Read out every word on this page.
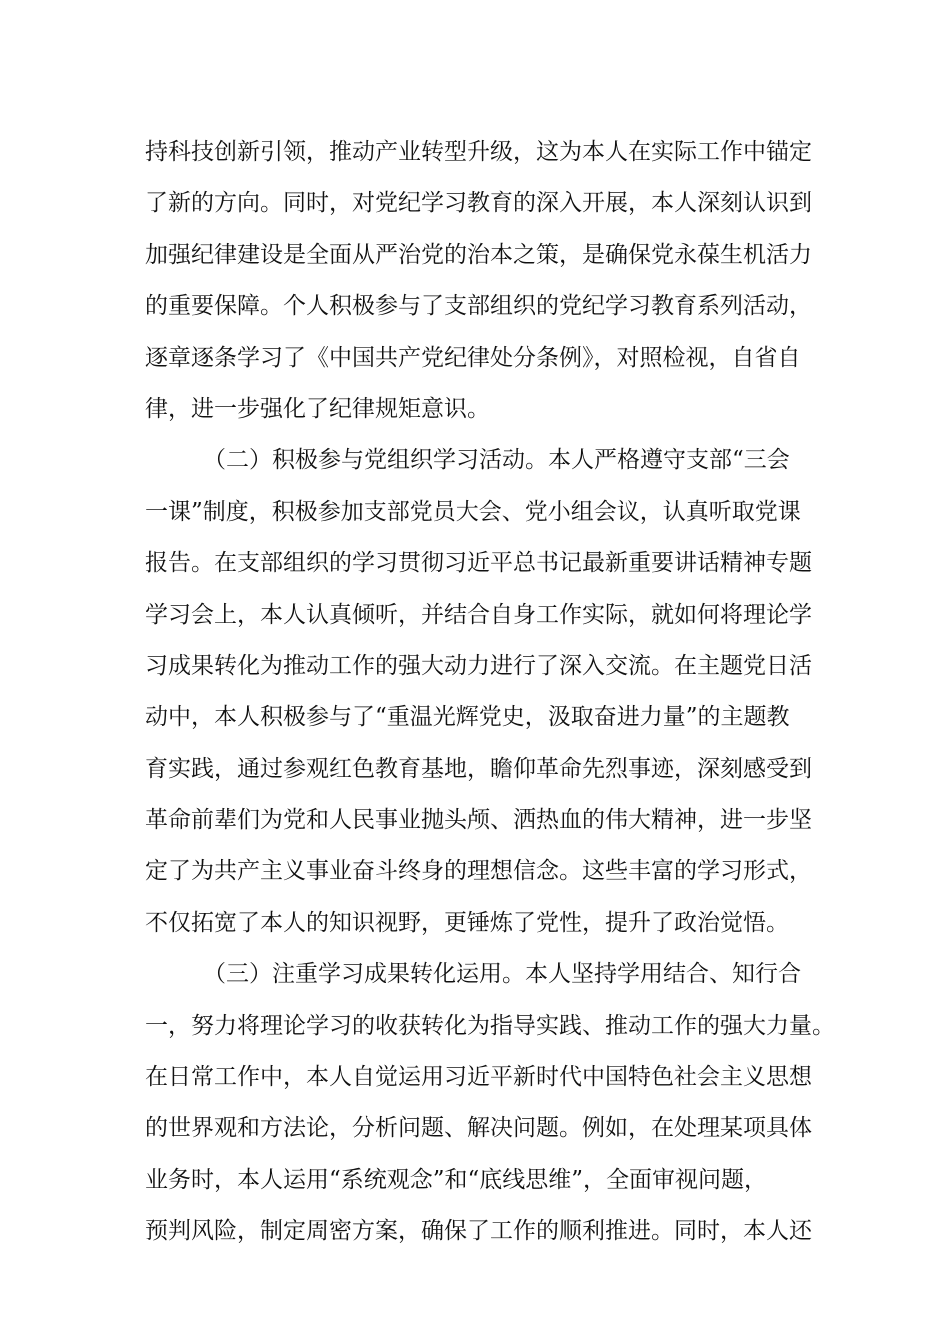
持科技创新引领，推动产业转型升级，这为本人在实际工作中锚定
了新的方向。同时，对党纪学习教育的深入开展，本人深刻认识到
加强纪律建设是全面从严治党的治本之策，是确保党永葆生机活力
的重要保障。个人积极参与了支部组织的党纪学习教育系列活动，
逐章逐条学习了《中国共产党纪律处分条例》，对照检视，自省自
律，进一步强化了纪律规矩意识。
（二）积极参与党组织学习活动。本人严格遵守支部“三会
一课”制度，积极参加支部党员大会、党小组会议，认真听取党课
报告。在支部组织的学习贯彻习近平总书记最新重要讲话精神专题
学习会上，本人认真倾听，并结合自身工作实际，就如何将理论学
习成果转化为推动工作的强大动力进行了深入交流。在主题党日活
动中，本人积极参与了“重温光辉党史，汲取奋进力量”的主题教
育实践，通过参观红色教育基地，瞻仰革命先烈事迹，深刻感受到
革命前辈们为党和人民事业抛头颅、洒热血的伟大精神，进一步坚
定了为共产主义事业奋斗终身的理想信念。这些丰富的学习形式，
不仅拓宽了本人的知识视野，更锤炼了党性，提升了政治觉悟。
（三）注重学习成果转化运用。本人坚持学用结合、知行合
一，努力将理论学习的收获转化为指导实践、推动工作的强大力量。
在日常工作中，本人自觉运用习近平新时代中国特色社会主义思想
的世界观和方法论，分析问题、解决问题。例如，在处理某项具体
业务时，本人运用“系统观念”和“底线思维”，全面审视问题，
预判风险，制定周密方案，确保了工作的顺利推进。同时，本人还
